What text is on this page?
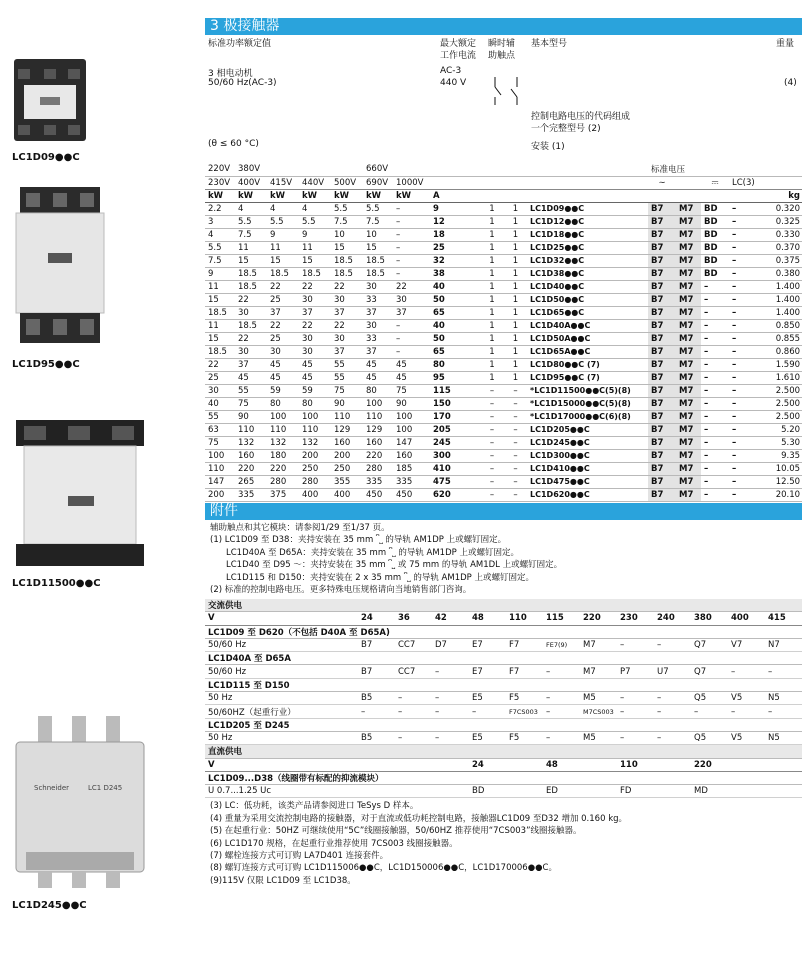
LC1D09●●C
LC1D95●●C
LC1D11500●●C
Schneider	LC1 D245
LC1D245●●C
3 极接触器
标准功率额定值	最大额定
工作电流
瞬时辅
助触点
基本型号	重量
3 相电动机
50/60 Hz(AC-3)
AC-3
440 V
控制电路电压的代码组成
一个完整型号 (2)
(4)
(θ ≤ 60 °C)	安装 (1)
220V	380V				660V						标准电压				
230V	400V	415V	440V	500V	690V	1000V					∼		⎓	LC(3)	
kW	kW	kW	kW	kW	kW	kW	A								kg
2.2	4	4	4	5.5	5.5	–	9	1	1	LC1D09●●C	B7	M7	BD	–	0.320
3	5.5	5.5	5.5	7.5	7.5	–	12	1	1	LC1D12●●C	B7	M7	BD	–	0.325
4	7.5	9	9	10	10	–	18	1	1	LC1D18●●C	B7	M7	BD	–	0.330
5.5	11	11	11	15	15	–	25	1	1	LC1D25●●C	B7	M7	BD	–	0.370
7.5	15	15	15	18.5	18.5	–	32	1	1	LC1D32●●C	B7	M7	BD	–	0.375
9	18.5	18.5	18.5	18.5	18.5	–	38	1	1	LC1D38●●C	B7	M7	BD	–	0.380
11	18.5	22	22	22	30	22	40	1	1	LC1D40●●C	B7	M7	–	–	1.400
15	22	25	30	30	33	30	50	1	1	LC1D50●●C	B7	M7	–	–	1.400
18.5	30	37	37	37	37	37	65	1	1	LC1D65●●C	B7	M7	–	–	1.400
11	18.5	22	22	22	30	–	40	1	1	LC1D40A●●C	B7	M7	–	–	0.850
15	22	25	30	30	33	–	50	1	1	LC1D50A●●C	B7	M7	–	–	0.855
18.5	30	30	30	37	37	–	65	1	1	LC1D65A●●C	B7	M7	–	–	0.860
22	37	45	45	55	45	45	80	1	1	LC1D80●●C (7)	B7	M7	–	–	1.590
25	45	45	45	55	45	45	95	1	1	LC1D95●●C (7)	B7	M7	–	–	1.610
30	55	59	59	75	80	75	115	–	–	*LC1D11500●●C(5)(8)	B7	M7	–	–	2.500
40	75	80	80	90	100	90	150	–	–	*LC1D15000●●C(5)(8)	B7	M7	–	–	2.500
55	90	100	100	110	110	100	170	–	–	*LC1D17000●●C(6)(8)	B7	M7	–	–	2.500
63	110	110	110	129	129	100	205	–	–	LC1D205●●C	B7	M7	–	–	5.20
75	132	132	132	160	160	147	245	–	–	LC1D245●●C	B7	M7	–	–	5.30
100	160	180	200	200	220	160	300	–	–	LC1D300●●C	B7	M7	–	–	9.35
110	220	220	250	250	280	185	410	–	–	LC1D410●●C	B7	M7	–	–	10.05
147	265	280	280	355	335	335	475	–	–	LC1D475●●C	B7	M7	–	–	12.50
200	335	375	400	400	450	450	620	–	–	LC1D620●●C	B7	M7	–	–	20.10
附件
辅助触点和其它模块：请参阅1/29 至1/37 页。
(1) LC1D09 至 D38：夹持安装在 35 mm ⎴⎵ 的导轨 AM1DP 上或螺钉固定。
LC1D40A 至 D65A：夹持安装在 35 mm ⎴⎵ 的导轨 AM1DP 上或螺钉固定。
LC1D40 至 D95 ～：夹持安装在 35 mm ⎴⎵ 或 75 mm 的导轨 AM1DL 上或螺钉固定。
LC1D115 和 D150：夹持安装在 2 x 35 mm ⎴⎵ 的导轨 AM1DP 上或螺钉固定。
(2) 标准的控制电路电压。更多特殊电压规格请向当地销售部门咨询。
交流供电												
V	24	36	42	48	110	115	220	230	240	380	400	415
LC1D09 至 D620（不包括 D40A 至 D65A)												
50/60 Hz	B7	CC7	D7	E7	F7	FE7(9)	M7	–	–	Q7	V7	N7
LC1D40A 至 D65A												
50/60 Hz	B7	CC7	–	E7	F7	–	M7	P7	U7	Q7	–	–
LC1D115 至 D150												
50 Hz	B5	–	–	E5	F5	–	M5	–	–	Q5	V5	N5
50/60HZ（起重行业）	–	–	–	–	F7CS003	–	M7CS003	–	–	–	–	–
LC1D205 至 D245												
50 Hz	B5	–	–	E5	F5	–	M5	–	–	Q5	V5	N5
直流供电												
V				24		48		110		220		
LC1D09...D38（线圈带有标配的抑流模块）												
U 0.7...1.25 Uc				BD		ED		FD		MD		
(3) LC：低功耗，该类产品请参阅进口 TeSys D 样本。
(4) 重量为采用交流控制电路的接触器，对于直流或低功耗控制电路，接触器LC1D09 至D32 增加 0.160 kg。
(5) 在起重行业：50HZ 可继续使用“5C”线圈接触器，50/60HZ 推荐使用“7CS003”线圈接触器。
(6) LC1D170 规格，在起重行业推荐使用 7CS003 线圈接触器。
(7) 螺栓连接方式可订购 LA7D401 连接套件。
(8) 螺钉连接方式可订购 LC1D115006●●C，LC1D150006●●C，LC1D170006●●C。
(9)115V 仅限 LC1D09 至 LC1D38。
